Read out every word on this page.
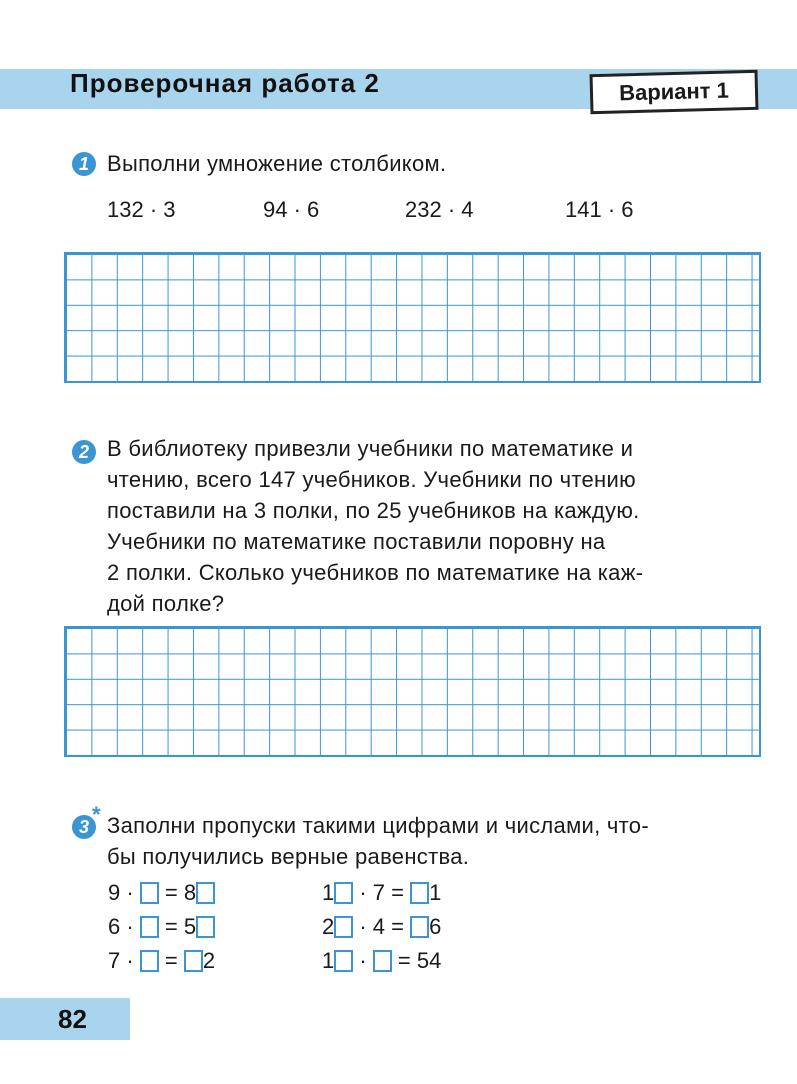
Проверочная работа 2	Вариант 1
1 Выполни умножение столбиком.
132 · 3	94 · 6	232 · 4	141 · 6
2 В библиотеку привезли учебники по математике и
чтению, всего 147 учебников. Учебники по чтению
поставили на 3 полки, по 25 учебников на каждую.
Учебники по математике поставили поровну на
2 полки. Сколько учебников по математике на каж-
дой полке?
3 * Заполни пропуски такими цифрами и числами, что-
бы получились верные равенства.
9 · = 8
6 · = 5
7 · = 2
1 · 7 = 1
2 · 4 = 6
1 · = 54
82
